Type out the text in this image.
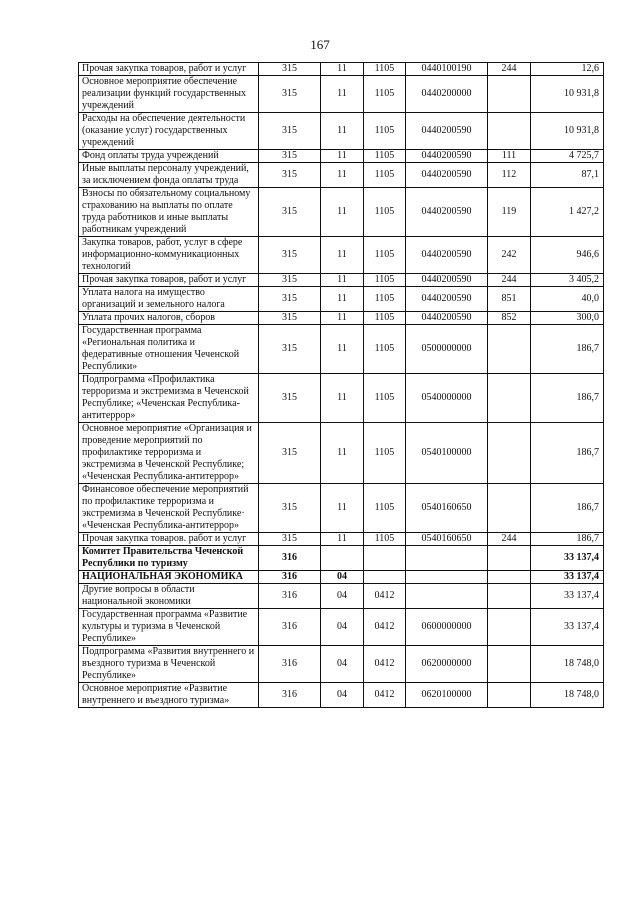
167
Прочая закупка товаров, работ и услуг	315	11	1105	0440100190	244	12,6
Основное мероприятие обеспечение реализации функций государственных учреждений	315	11	1105	0440200000		10 931,8
Расходы на обеспечение деятельности (оказание услуг) государственных учреждений	315	11	1105	0440200590		10 931,8
Фонд оплаты труда учреждений	315	11	1105	0440200590	111	4 725,7
Иные выплаты персоналу учреждений, за исключением фонда оплаты труда	315	11	1105	0440200590	112	87,1
Взносы по обязательному социальному страхованию на выплаты по оплате труда работников и иные выплаты работникам учреждений	315	11	1105	0440200590	119	1 427,2
Закупка товаров, работ, услуг в сфере информационно-коммуникационных технологий	315	11	1105	0440200590	242	946,6
Прочая закупка товаров, работ и услуг	315	11	1105	0440200590	244	3 405,2
Уплата налога на имущество организаций и земельного налога	315	11	1105	0440200590	851	40,0
Уплата прочих налогов, сборов	315	11	1105	0440200590	852	300,0
Государственная программа «Региональная политика и федеративные отношения Чеченской Республики»	315	11	1105	0500000000		186,7
Подпрограмма «Профилактика терроризма и экстремизма в Чеченской Республике; «Чеченская Республика-антитеррор»	315	11	1105	0540000000		186,7
Основное мероприятие «Организация и проведение мероприятий по профилактике терроризма и экстремизма в Чеченской Республике; «Чеченская Республика-антитеррор»	315	11	1105	0540100000		186,7
Финансовое обеспечение мероприятий по профилактике терроризма и экстремизма в Чеченской Республике· «Чеченская Республика-антитеррор»	315	11	1105	0540160650		186,7
Прочая закупка товаров. работ и услуг	315	11	1105	0540160650	244	186,7
Комитет Правительства Чеченской Республики по туризму	316					33 137,4
НАЦИОНАЛЬНАЯ ЭКОНОМИКА	316	04				33 137,4
Другие вопросы в области национальной экономики	316	04	0412			33 137,4
Государственная программа «Развитие культуры и туризма в Чеченской Республике»	316	04	0412	0600000000		33 137,4
Подпрограмма «Развития внутреннего и въездного туризма в Чеченской Республике»	316	04	0412	0620000000		18 748,0
Основное мероприятие «Развитие внутреннего и въездного туризма»	316	04	0412	0620100000		18 748,0
